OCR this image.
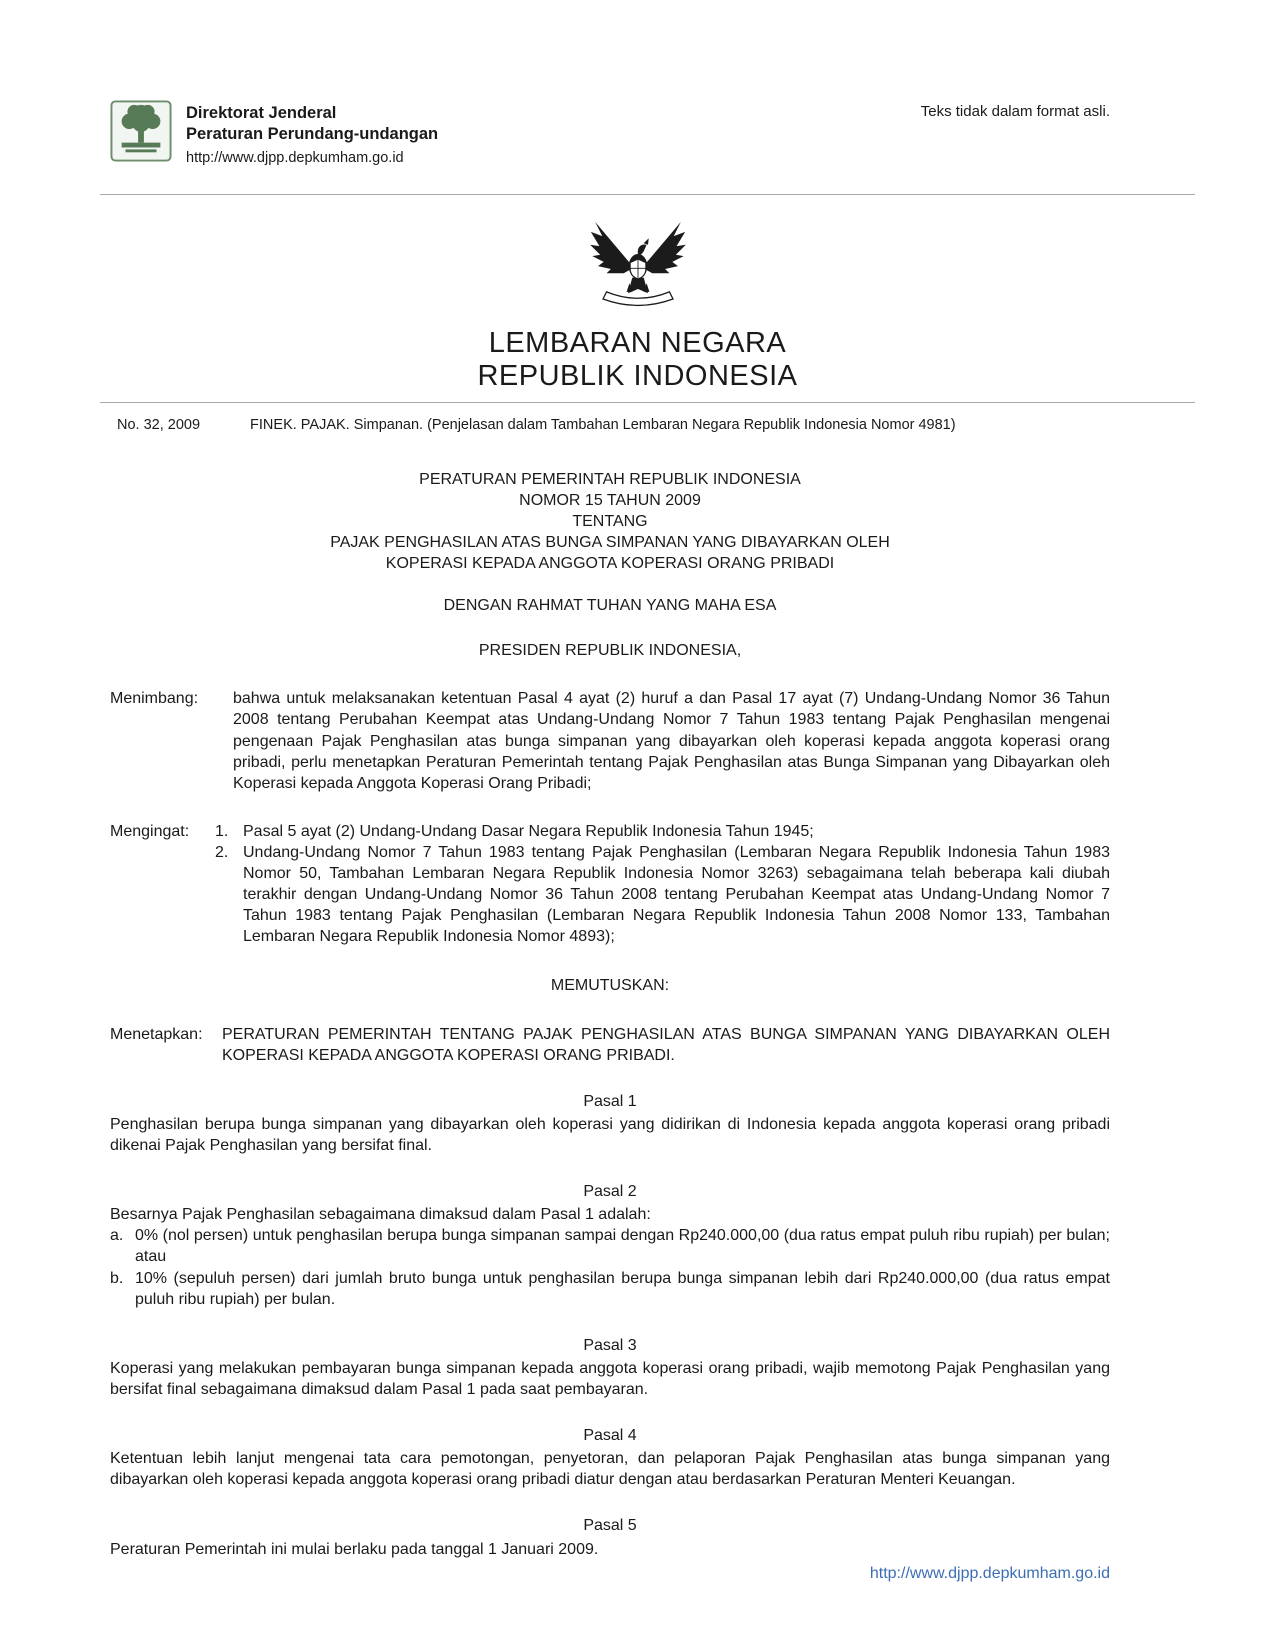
Direktorat Jenderal
Peraturan Perundang-undangan
http://www.djpp.depkumham.go.id
Teks tidak dalam format asli.
LEMBARAN NEGARA
REPUBLIK INDONESIA
No. 32, 2009	FINEK. PAJAK. Simpanan. (Penjelasan dalam Tambahan Lembaran Negara Republik Indonesia Nomor 4981)
PERATURAN PEMERINTAH REPUBLIK INDONESIA
NOMOR 15 TAHUN 2009
TENTANG
PAJAK PENGHASILAN ATAS BUNGA SIMPANAN YANG DIBAYARKAN OLEH
KOPERASI KEPADA ANGGOTA KOPERASI ORANG PRIBADI
DENGAN RAHMAT TUHAN YANG MAHA ESA
PRESIDEN REPUBLIK INDONESIA,
Menimbang:	bahwa untuk melaksanakan ketentuan Pasal 4 ayat (2) huruf a dan Pasal 17 ayat (7) Undang-Undang Nomor 36 Tahun 2008 tentang Perubahan Keempat atas Undang-Undang Nomor 7 Tahun 1983 tentang Pajak Penghasilan mengenai pengenaan Pajak Penghasilan atas bunga simpanan yang dibayarkan oleh koperasi kepada anggota koperasi orang pribadi, perlu menetapkan Peraturan Pemerintah tentang Pajak Penghasilan atas Bunga Simpanan yang Dibayarkan oleh Koperasi kepada Anggota Koperasi Orang Pribadi;
Mengingat:	1. Pasal 5 ayat (2) Undang-Undang Dasar Negara Republik Indonesia Tahun 1945;
2. Undang-Undang Nomor 7 Tahun 1983 tentang Pajak Penghasilan (Lembaran Negara Republik Indonesia Tahun 1983 Nomor 50, Tambahan Lembaran Negara Republik Indonesia Nomor 3263) sebagaimana telah beberapa kali diubah terakhir dengan Undang-Undang Nomor 36 Tahun 2008 tentang Perubahan Keempat atas Undang-Undang Nomor 7 Tahun 1983 tentang Pajak Penghasilan (Lembaran Negara Republik Indonesia Tahun 2008 Nomor 133, Tambahan Lembaran Negara Republik Indonesia Nomor 4893);
MEMUTUSKAN:
Menetapkan:	PERATURAN PEMERINTAH TENTANG PAJAK PENGHASILAN ATAS BUNGA SIMPANAN YANG DIBAYARKAN OLEH KOPERASI KEPADA ANGGOTA KOPERASI ORANG PRIBADI.
Pasal 1
Penghasilan berupa bunga simpanan yang dibayarkan oleh koperasi yang didirikan di Indonesia kepada anggota koperasi orang pribadi dikenai Pajak Penghasilan yang bersifat final.
Pasal 2
Besarnya Pajak Penghasilan sebagaimana dimaksud dalam Pasal 1 adalah:
a. 0% (nol persen) untuk penghasilan berupa bunga simpanan sampai dengan Rp240.000,00 (dua ratus empat puluh ribu rupiah) per bulan; atau
b. 10% (sepuluh persen) dari jumlah bruto bunga untuk penghasilan berupa bunga simpanan lebih dari Rp240.000,00 (dua ratus empat puluh ribu rupiah) per bulan.
Pasal 3
Koperasi yang melakukan pembayaran bunga simpanan kepada anggota koperasi orang pribadi, wajib memotong Pajak Penghasilan yang bersifat final sebagaimana dimaksud dalam Pasal 1 pada saat pembayaran.
Pasal 4
Ketentuan lebih lanjut mengenai tata cara pemotongan, penyetoran, dan pelaporan Pajak Penghasilan atas bunga simpanan yang dibayarkan oleh koperasi kepada anggota koperasi orang pribadi diatur dengan atau berdasarkan Peraturan Menteri Keuangan.
Pasal 5
Peraturan Pemerintah ini mulai berlaku pada tanggal 1 Januari 2009.
http://www.djpp.depkumham.go.id
